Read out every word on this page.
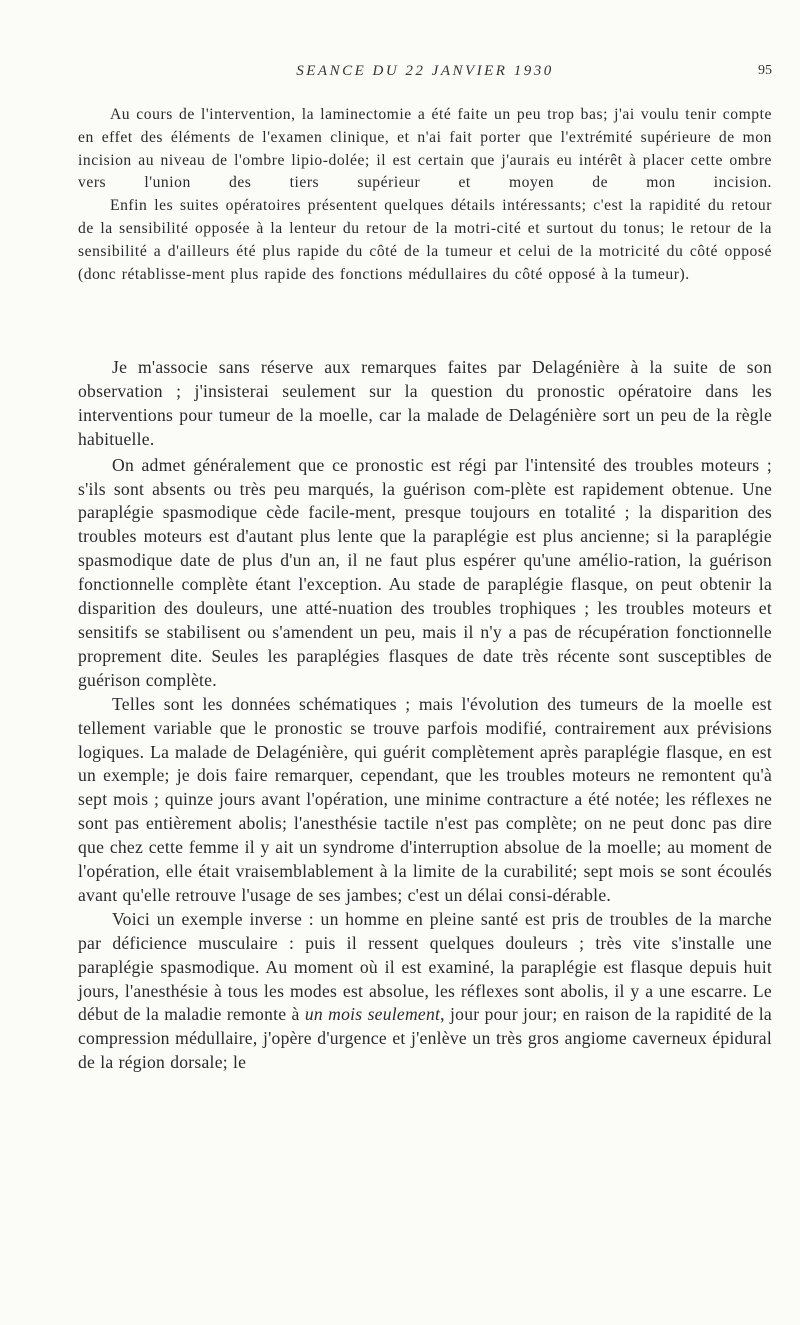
SEANCE DU 22 JANVIER 1930	95

Au cours de l'intervention, la laminectomie a été faite un peu trop bas; j'ai voulu tenir compte en effet des éléments de l'examen clinique, et n'ai fait porter que l'extrémité supérieure de mon incision au niveau de l'ombre lipio-dolée; il est certain que j'aurais eu intérêt à placer cette ombre vers l'union des tiers supérieur et moyen de mon incision.

Enfin les suites opératoires présentent quelques détails intéressants; c'est la rapidité du retour de la sensibilité opposée à la lenteur du retour de la motri-cité et surtout du tonus; le retour de la sensibilité a d'ailleurs été plus rapide du côté de la tumeur et celui de la motricité du côté opposé (donc rétablisse-ment plus rapide des fonctions médullaires du côté opposé à la tumeur).

Je m'associe sans réserve aux remarques faites par Delagénière à la suite de son observation ; j'insisterai seulement sur la question du pronostic opératoire dans les interventions pour tumeur de la moelle, car la malade de Delagénière sort un peu de la règle habituelle.

On admet généralement que ce pronostic est régi par l'intensité des troubles moteurs ; s'ils sont absents ou très peu marqués, la guérison com-plète est rapidement obtenue. Une paraplégie spasmodique cède facile-ment, presque toujours en totalité ; la disparition des troubles moteurs est d'autant plus lente que la paraplégie est plus ancienne; si la paraplégie spasmodique date de plus d'un an, il ne faut plus espérer qu'une amélio-ration, la guérison fonctionnelle complète étant l'exception. Au stade de paraplégie flasque, on peut obtenir la disparition des douleurs, une atté-nuation des troubles trophiques ; les troubles moteurs et sensitifs se stabilisent ou s'amendent un peu, mais il n'y a pas de récupération fonctionnelle proprement dite. Seules les paraplégies flasques de date très récente sont susceptibles de guérison complète.

Telles sont les données schématiques ; mais l'évolution des tumeurs de la moelle est tellement variable que le pronostic se trouve parfois modifié, contrairement aux prévisions logiques. La malade de Delagénière, qui guérit complètement après paraplégie flasque, en est un exemple; je dois faire remarquer, cependant, que les troubles moteurs ne remontent qu'à sept mois ; quinze jours avant l'opération, une minime contracture a été notée; les réflexes ne sont pas entièrement abolis; l'anesthésie tactile n'est pas complète; on ne peut donc pas dire que chez cette femme il y ait un syndrome d'interruption absolue de la moelle; au moment de l'opération, elle était vraisemblablement à la limite de la curabilité; sept mois se sont écoulés avant qu'elle retrouve l'usage de ses jambes; c'est un délai consi-dérable.

Voici un exemple inverse : un homme en pleine santé est pris de troubles de la marche par déficience musculaire : puis il ressent quelques douleurs ; très vite s'installe une paraplégie spasmodique. Au moment où il est examiné, la paraplégie est flasque depuis huit jours, l'anesthésie à tous les modes est absolue, les réflexes sont abolis, il y a une escarre. Le début de la maladie remonte à un mois seulement, jour pour jour; en raison de la rapidité de la compression médullaire, j'opère d'urgence et j'enlève un très gros angiome caverneux épidural de la région dorsale; le
